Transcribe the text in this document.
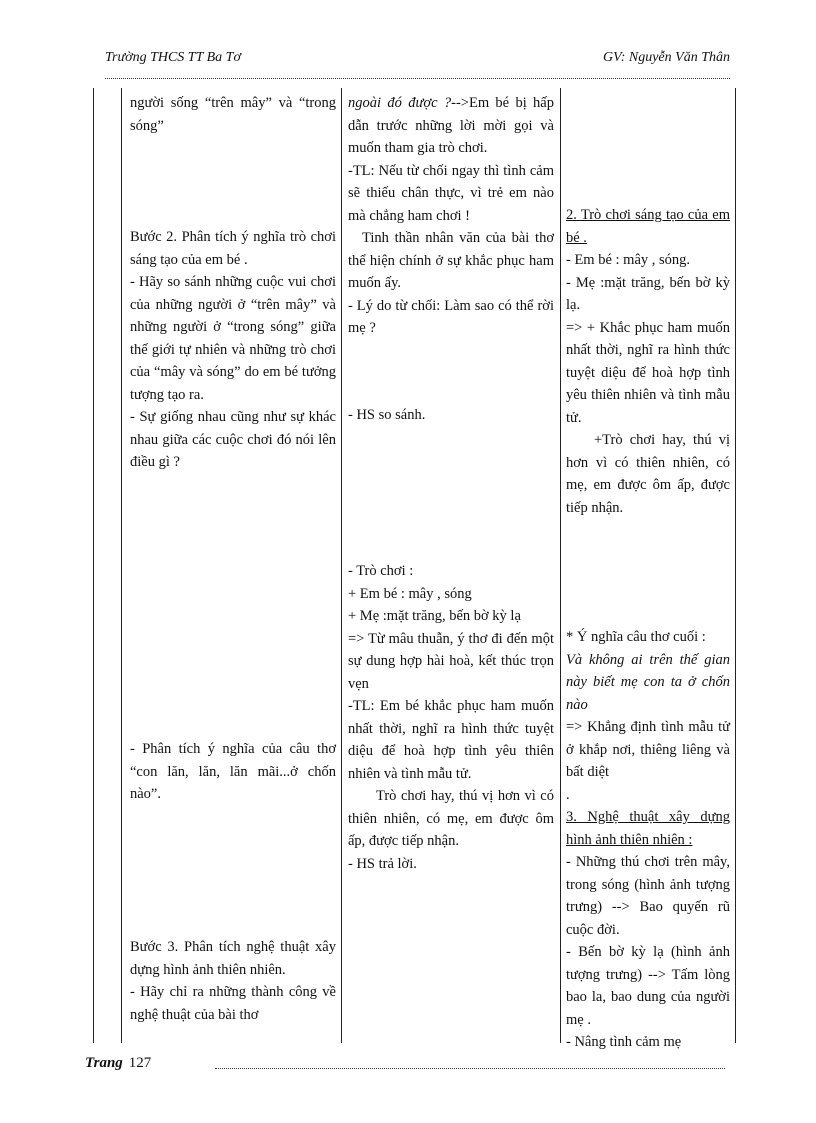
Trường THCS TT Ba Tơ	GV: Nguyễn Văn Thân

người sống “trên mây” và “trong sóng”

Bước 2. Phân tích ý nghĩa trò chơi sáng tạo của em bé .

- Hãy so sánh những cuộc vui chơi của những người ở “trên mây” và những người ở “trong sóng” giữa thế giới tự nhiên và những trò chơi của “mây và sóng” do em bé tưởng tượng tạo ra.

- Sự giống nhau cũng như sự khác nhau giữa các cuộc chơi đó nói lên điều gì ?

- Phân tích ý nghĩa của câu thơ “con lăn, lăn, lăn mãi...ở chốn nào”.

Bước 3. Phân tích nghệ thuật xây dựng hình ảnh thiên nhiên.

- Hãy chỉ ra những thành công về nghệ thuật của bài thơ

ngoài đó được ?-->Em bé bị hấp dẫn trước những lời mời gọi và muốn tham gia trò chơi.

-TL: Nếu từ chối ngay thì tình cảm sẽ thiếu chân thực, vì trẻ em nào mà chẳng ham chơi !

Tinh thần nhân văn của bài thơ thể hiện chính ở sự khắc phục ham muốn ấy.

- Lý do từ chối: Làm sao có thể rời mẹ ?

- HS so sánh.

- Trò chơi :

+ Em bé : mây , sóng

+ Mẹ :mặt trăng, bến bờ kỳ lạ

=> Từ mâu thuẫn, ý thơ đi đến một sự dung hợp hài hoà, kết thúc trọn vẹn

-TL: Em bé khắc phục ham muốn nhất thời, nghĩ ra hình thức tuyệt diệu để hoà hợp tình yêu thiên nhiên và tình mẫu tử.

Trò chơi hay, thú vị hơn vì có thiên nhiên, có mẹ, em được ôm ấp, được tiếp nhận.

- HS trả lời.

2. Trò chơi sáng tạo của em bé .

- Em bé : mây , sóng.

- Mẹ :mặt trăng, bến bờ kỳ lạ.

=> + Khắc phục ham muốn nhất thời, nghĩ ra hình thức tuyệt diệu để hoà hợp tình yêu thiên nhiên và tình mẫu tử.

+Trò chơi hay, thú vị hơn vì có thiên nhiên, có mẹ, em được ôm ấp, được tiếp nhận.

* Ý nghĩa câu thơ cuối :

Và không ai trên thế gian này biết mẹ con ta ở chốn nào

=> Khẳng định tình mẫu tử ở khắp nơi, thiêng liêng và bất diệt

.

3. Nghệ thuật xây dựng hình ảnh thiên nhiên :

- Những thú chơi trên mây, trong sóng (hình ảnh tượng trưng) --> Bao quyến rũ cuộc đời.

- Bến bờ kỳ lạ (hình ảnh tượng trưng) --> Tấm lòng bao la, bao dung của người mẹ .

- Nâng tình cảm mẹ

Trang 127
